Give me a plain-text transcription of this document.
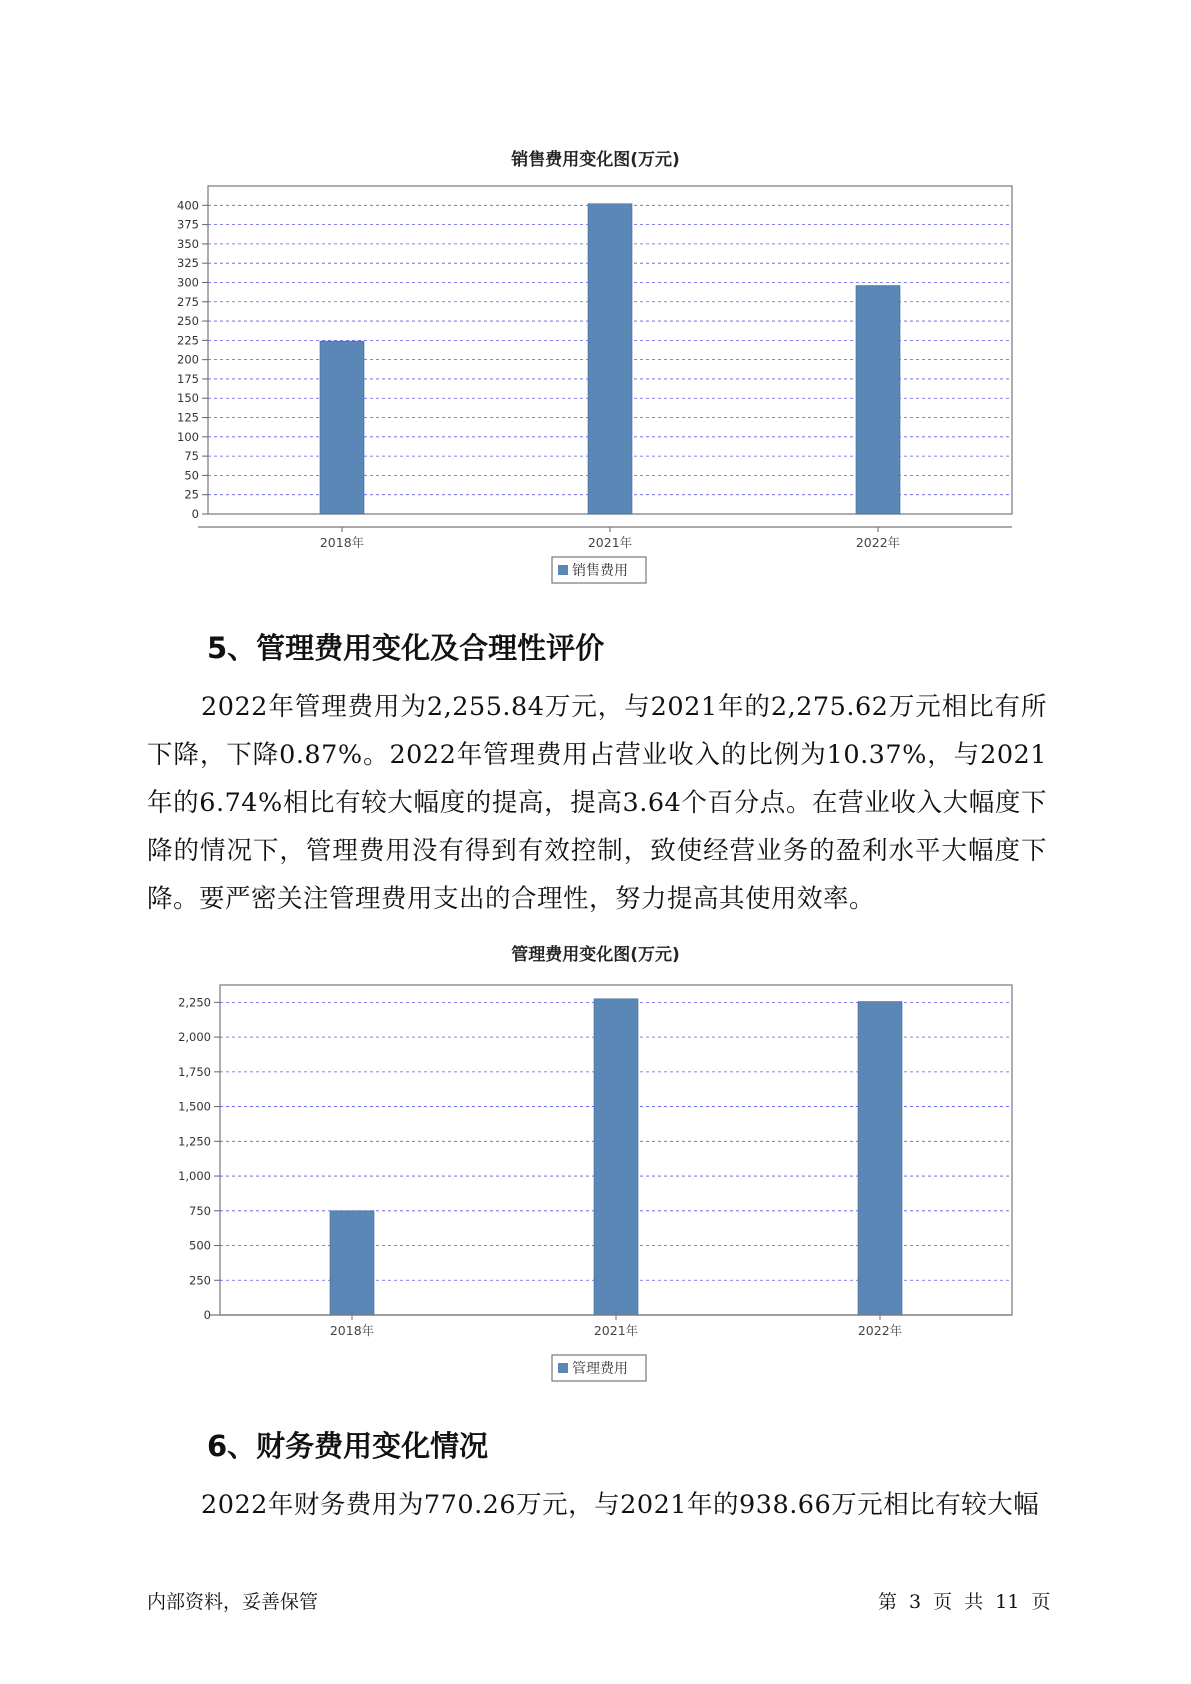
销售费用变化图(万元)
0
25
50
75
100
125
150
175
200
225
250
275
300
325
350
375
400
2018年	2021年	2022年
销售费用
5、管理费用变化及合理性评价

2022年管理费用为2,255.84万元，与2021年的2,275.62万元相比有所下降，下降0.87%。2022年管理费用占营业收入的比例为10.37%，与2021年的6.74%相比有较大幅度的提高，提高3.64个百分点。在营业收入大幅度下降的情况下，管理费用没有得到有效控制，致使经营业务的盈利水平大幅度下降。要严密关注管理费用支出的合理性，努力提高其使用效率。

管理费用变化图(万元)
0
250
500
750
1,000
1,250
1,500
1,750
2,000
2,250
2018年	2021年	2022年
管理费用
6、财务费用变化情况

2022年财务费用为770.26万元，与2021年的938.66万元相比有较大幅

内部资料，妥善保管	第 3 页 共 11 页
